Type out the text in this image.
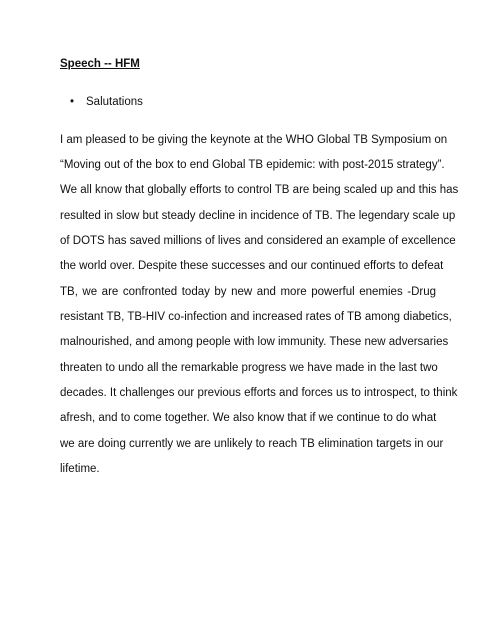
Speech -- HFM
• Salutations
I am pleased to be giving the keynote at the WHO Global TB Symposium on
“Moving out of the box to end Global TB epidemic: with post-2015 strategy”.
We all know that globally efforts to control TB are being scaled up and this has
resulted in slow but steady decline in incidence of TB. The legendary scale up
of DOTS has saved millions of lives and considered an example of excellence
the world over. Despite these successes and our continued efforts to defeat
TB, we are confronted today by new and more powerful enemies -Drug
resistant TB, TB-HIV co-infection and increased rates of TB among diabetics,
malnourished, and among people with low immunity. These new adversaries
threaten to undo all the remarkable progress we have made in the last two
decades. It challenges our previous efforts and forces us to introspect, to think
afresh, and to come together. We also know that if we continue to do what
we are doing currently we are unlikely to reach TB elimination targets in our
lifetime.
